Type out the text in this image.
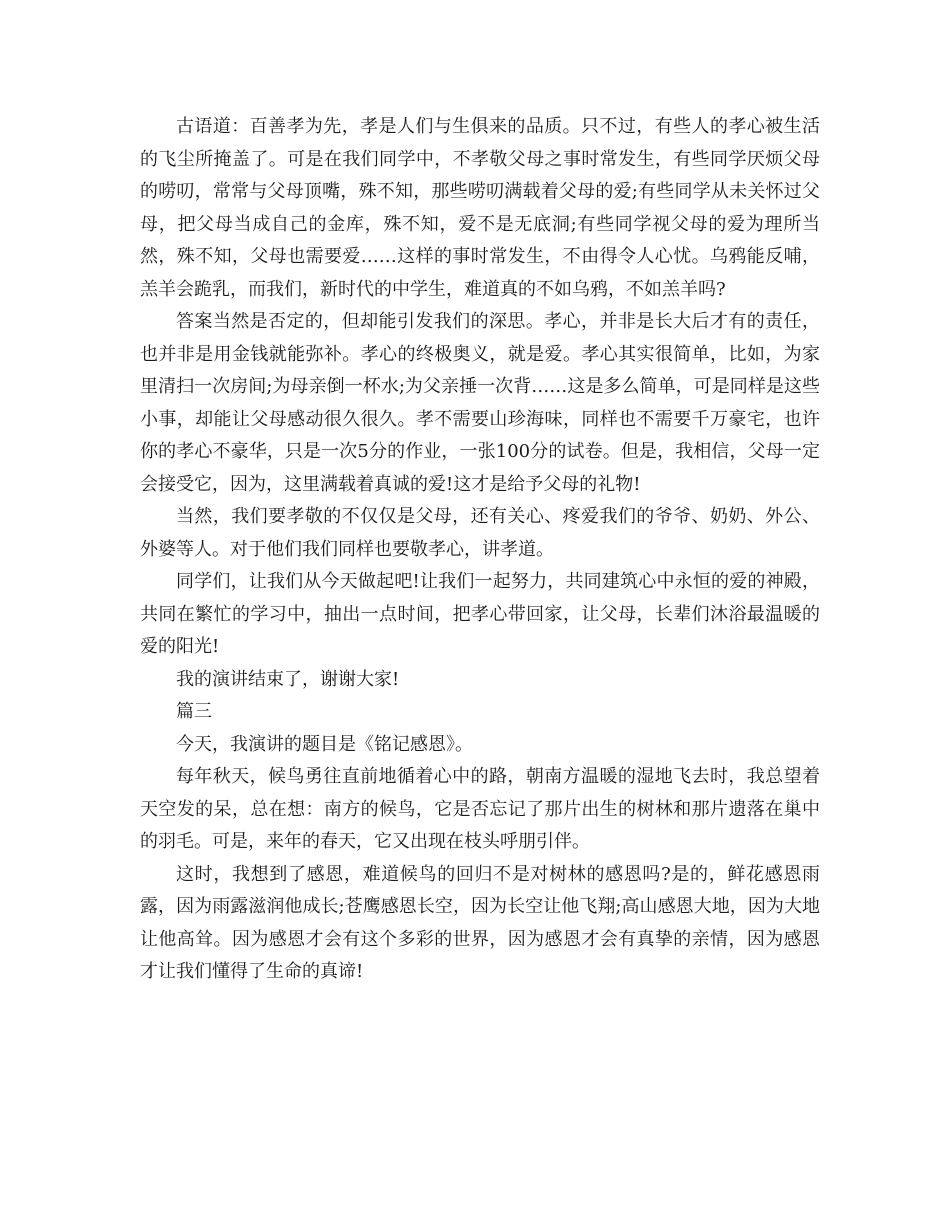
古语道：百善孝为先，孝是人们与生俱来的品质。只不过，有些人的孝心被生活的飞尘所掩盖了。可是在我们同学中，不孝敬父母之事时常发生，有些同学厌烦父母的唠叨，常常与父母顶嘴，殊不知，那些唠叨满载着父母的爱;有些同学从未关怀过父母，把父母当成自己的金库，殊不知，爱不是无底洞;有些同学视父母的爱为理所当然，殊不知，父母也需要爱……这样的事时常发生，不由得令人心忧。乌鸦能反哺，羔羊会跪乳，而我们，新时代的中学生，难道真的不如乌鸦，不如羔羊吗?

答案当然是否定的，但却能引发我们的深思。孝心，并非是长大后才有的责任，也并非是用金钱就能弥补。孝心的终极奥义，就是爱。孝心其实很简单，比如，为家里清扫一次房间;为母亲倒一杯水;为父亲捶一次背……这是多么简单，可是同样是这些小事，却能让父母感动很久很久。孝不需要山珍海味，同样也不需要千万豪宅，也许你的孝心不豪华，只是一次5分的作业，一张100分的试卷。但是，我相信，父母一定会接受它，因为，这里满载着真诚的爱!这才是给予父母的礼物!

当然，我们要孝敬的不仅仅是父母，还有关心、疼爱我们的爷爷、奶奶、外公、外婆等人。对于他们我们同样也要敬孝心，讲孝道。

同学们，让我们从今天做起吧!让我们一起努力，共同建筑心中永恒的爱的神殿，共同在繁忙的学习中，抽出一点时间，把孝心带回家，让父母，长辈们沐浴最温暖的爱的阳光!

我的演讲结束了，谢谢大家!

篇三

今天，我演讲的题目是《铭记感恩》。

每年秋天，候鸟勇往直前地循着心中的路，朝南方温暖的湿地飞去时，我总望着天空发的呆，总在想：南方的候鸟，它是否忘记了那片出生的树林和那片遗落在巢中的羽毛。可是，来年的春天，它又出现在枝头呼朋引伴。

这时，我想到了感恩，难道候鸟的回归不是对树林的感恩吗?是的，鲜花感恩雨露，因为雨露滋润他成长;苍鹰感恩长空，因为长空让他飞翔;高山感恩大地，因为大地让他高耸。因为感恩才会有这个多彩的世界，因为感恩才会有真挚的亲情，因为感恩才让我们懂得了生命的真谛!
